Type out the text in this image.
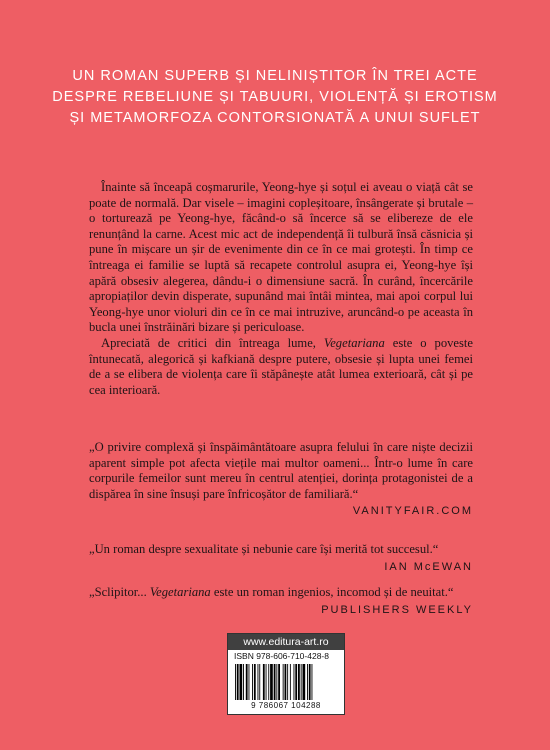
UN ROMAN SUPERB ȘI NELINIȘTITOR ÎN TREI ACTE
DESPRE REBELIUNE ȘI TABUURI, VIOLENȚĂ ȘI EROTISM
ȘI METAMORFOZA CONTORSIONATĂ A UNUI SUFLET

Înainte să înceapă coșmarurile, Yeong-hye și soțul ei aveau o viață cât se poate de normală. Dar visele – imagini copleșitoare, însângerate și brutale – o torturează pe Yeong-hye, făcând-o să încerce să se elibereze de ele renunțând la carne. Acest mic act de independență îi tulbură însă căsnicia și pune în mișcare un șir de evenimente din ce în ce mai grotești. În timp ce întreaga ei familie se luptă să recapete controlul asupra ei, Yeong-hye își apără obsesiv alegerea, dându-i o dimensiune sacră. În curând, încercările apropiaților devin disperate, supunând mai întâi mintea, mai apoi corpul lui Yeong-hye unor violuri din ce în ce mai intruzive, aruncând-o pe aceasta în bucla unei înstrăinări bizare și periculoase.

Apreciată de critici din întreaga lume, Vegetariana este o poveste întunecată, alegorică și kafkiană despre putere, obsesie și lupta unei femei de a se elibera de violența care îi stăpânește atât lumea exterioară, cât și pe cea interioară.

„O privire complexă și înspăimântătoare asupra felului în care niște decizii aparent simple pot afecta viețile mai multor oameni... Într-o lume în care corpurile femeilor sunt mereu în centrul atenției, dorința protagonistei de a dispărea în sine însuși pare înfricoșător de familiară.“
VANITYFAIR.COM
„Un roman despre sexualitate și nebunie care își merită tot succesul.“
IAN McEWAN
„Sclipitor... Vegetariana este un roman ingenios, incomod și de neuitat.“
PUBLISHERS WEEKLY
www.editura-art.ro
ISBN 978-606-710-428-8
9 786067 104288
